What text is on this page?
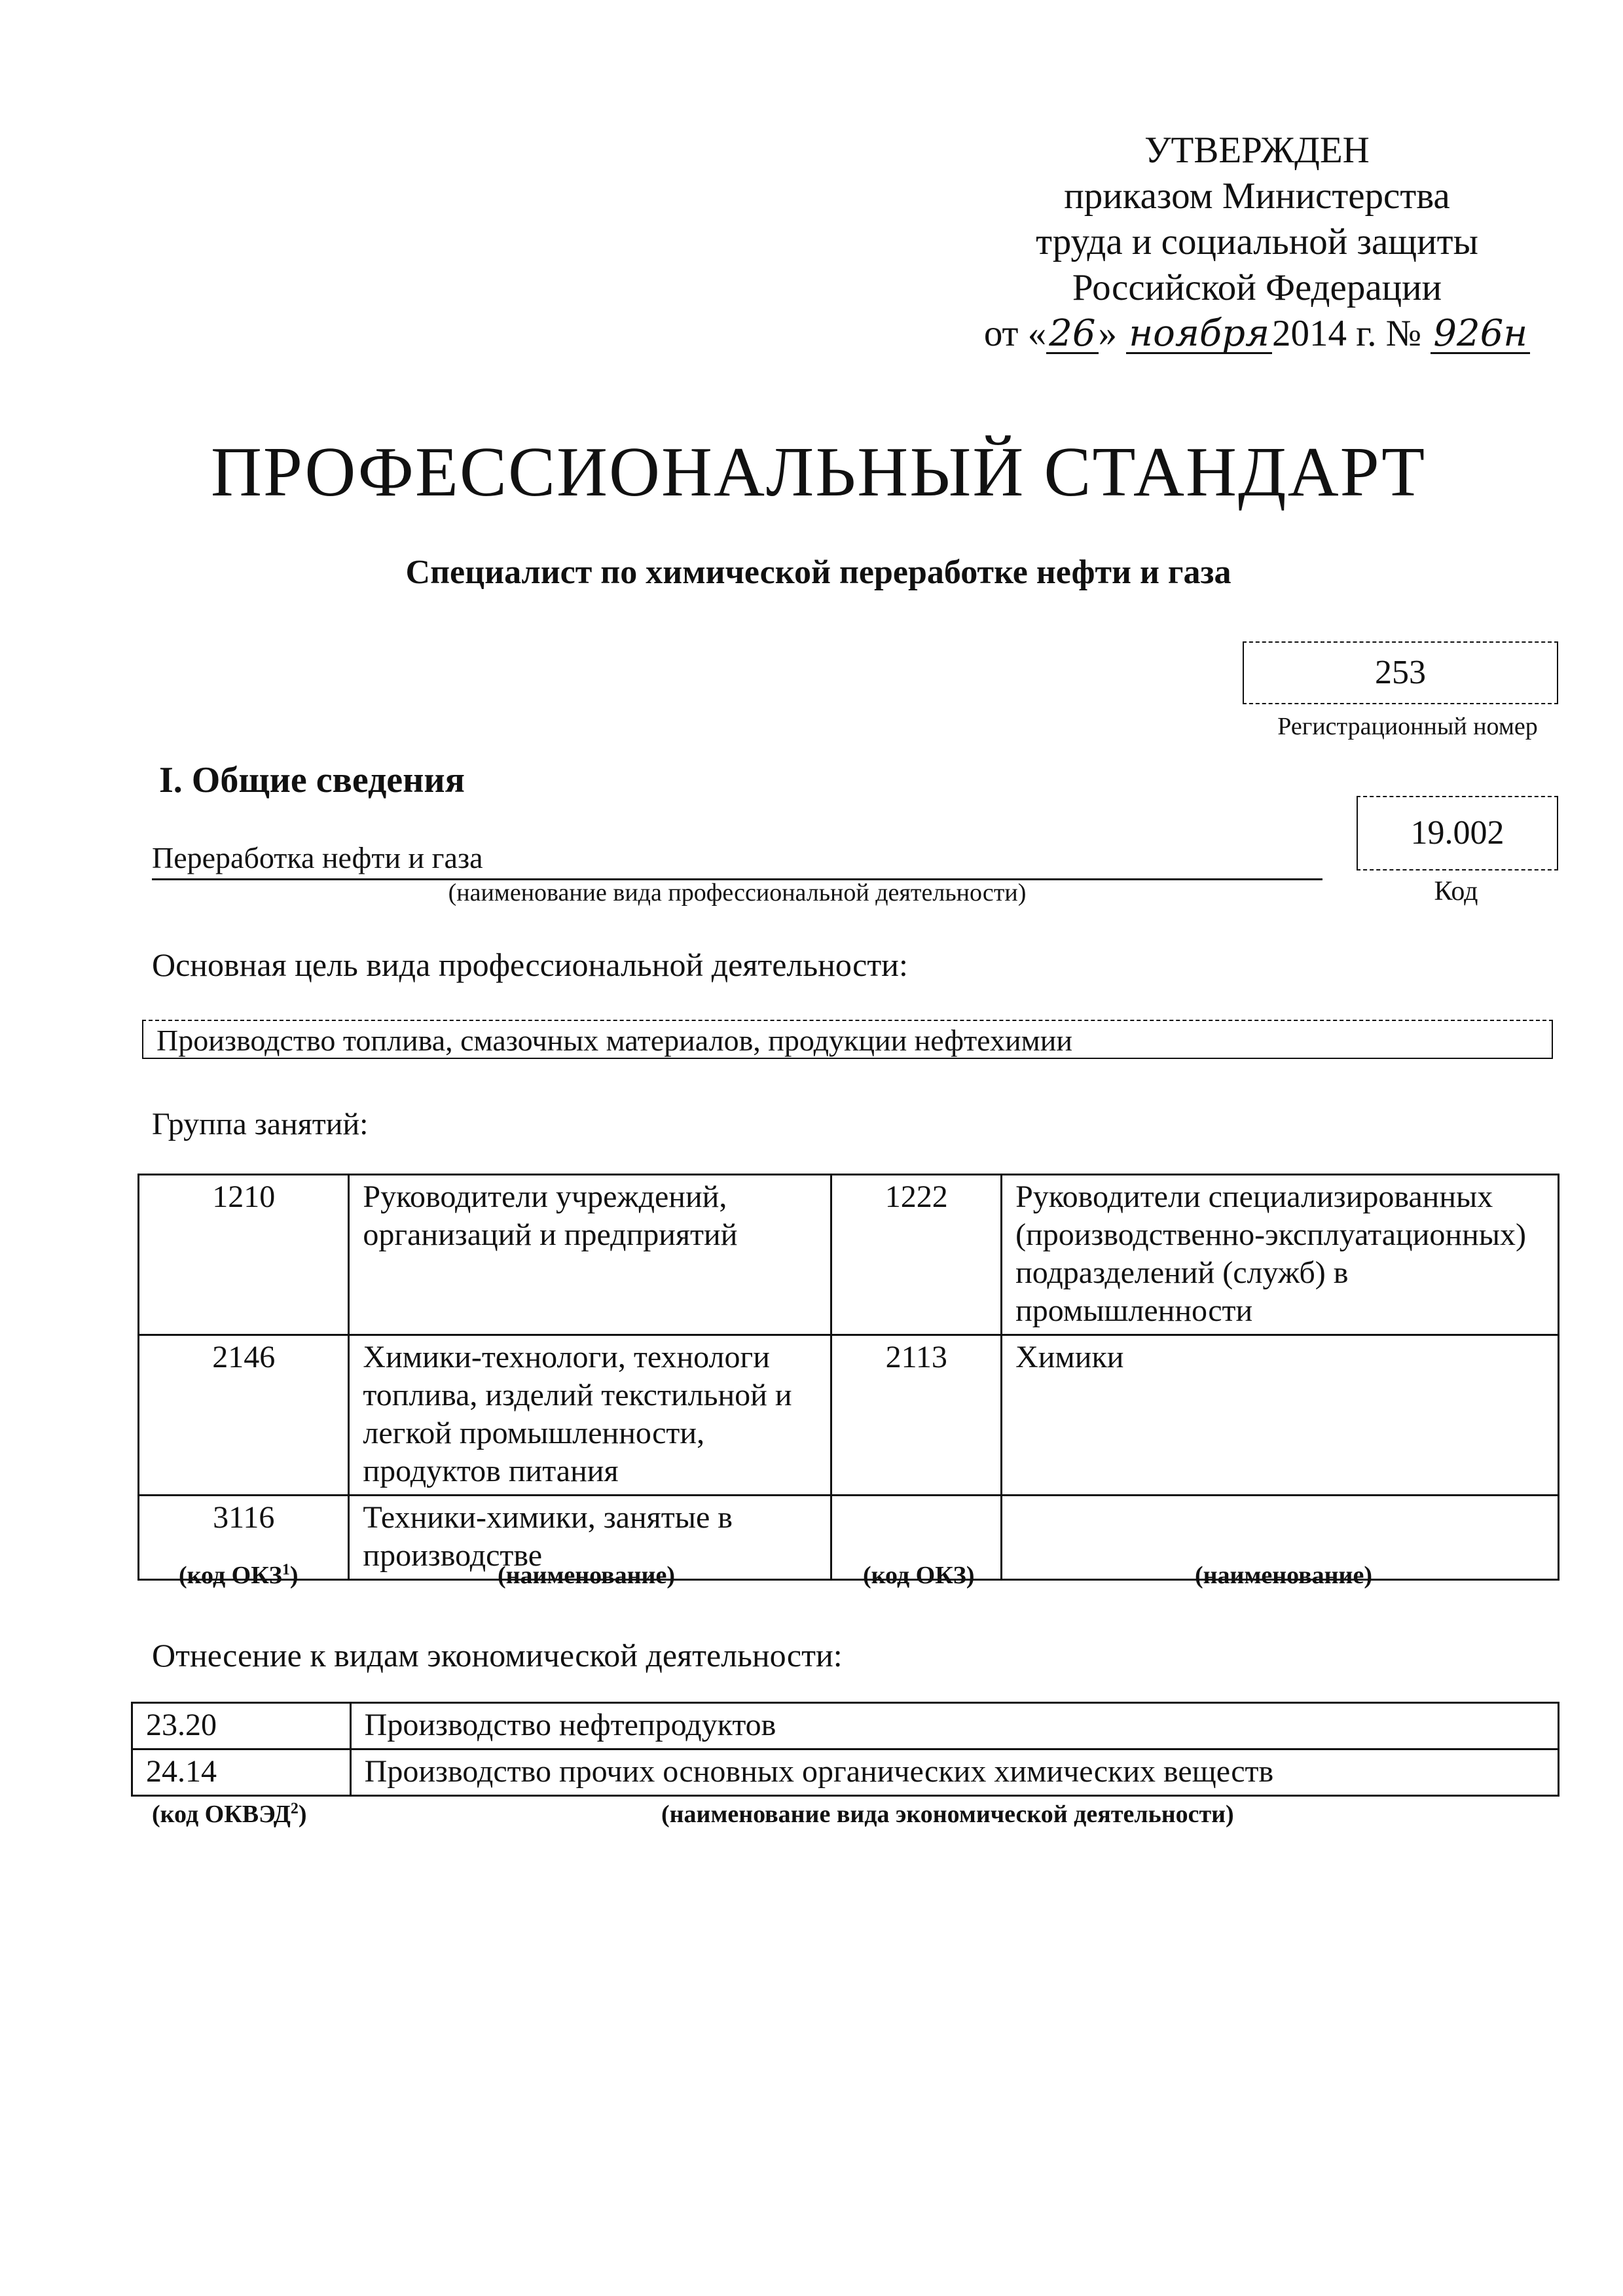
УТВЕРЖДЕН
приказом Министерства
труда и социальной защиты
Российской Федерации
от «26» ноября2014 г. № 926н
ПРОФЕССИОНАЛЬНЫЙ СТАНДАРТ
Специалист по химической переработке нефти и газа
253
Регистрационный номер
I. Общие сведения
19.002
Переработка нефти и газа
(наименование вида профессиональной деятельности)	Код
Основная цель вида профессиональной деятельности:
Производство топлива, смазочных материалов, продукции нефтехимии
Группа занятий:
1210	Руководители учреждений, организаций и предприятий	1222	Руководители специализированных (производственно-эксплуатационных) подразделений (служб) в промышленности
2146	Химики-технологи, технологи топлива, изделий текстильной и легкой промышленности, продуктов питания	2113	Химики
3116	Техники-химики, занятые в производстве		
(код ОКЗ$^1$)	(наименование)	(код ОКЗ)	(наименование)
Отнесение к видам экономической деятельности:
23.20	Производство нефтепродуктов
24.14	Производство прочих основных органических химических веществ
(код ОКВЭД$^2$)	(наименование вида экономической деятельности)
